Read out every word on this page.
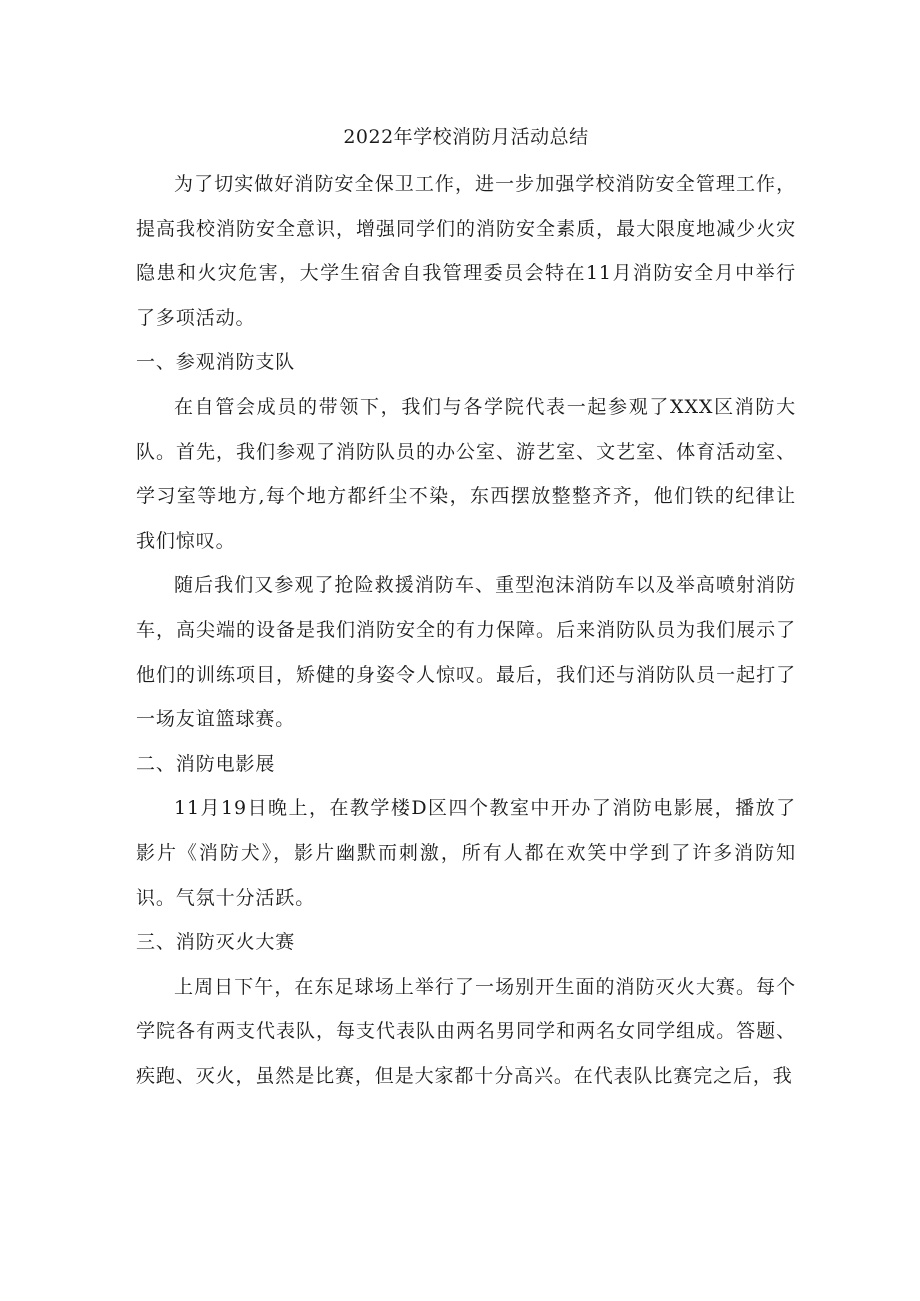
2022年学校消防月活动总结

为了切实做好消防安全保卫工作，进一步加强学校消防安全管理工作，提高我校消防安全意识，增强同学们的消防安全素质，最大限度地减少火灾隐患和火灾危害，大学生宿舍自我管理委员会特在11月消防安全月中举行了多项活动。

一、参观消防支队

在自管会成员的带领下，我们与各学院代表一起参观了XXX区消防大队。首先，我们参观了消防队员的办公室、游艺室、文艺室、体育活动室、学习室等地方,每个地方都纤尘不染，东西摆放整整齐齐，他们铁的纪律让我们惊叹。

随后我们又参观了抢险救援消防车、重型泡沫消防车以及举高喷射消防车，高尖端的设备是我们消防安全的有力保障。后来消防队员为我们展示了他们的训练项目，矫健的身姿令人惊叹。最后，我们还与消防队员一起打了一场友谊篮球赛。

二、消防电影展

11月19日晚上，在教学楼D区四个教室中开办了消防电影展，播放了影片《消防犬》，影片幽默而刺激，所有人都在欢笑中学到了许多消防知识。气氛十分活跃。

三、消防灭火大赛

上周日下午，在东足球场上举行了一场别开生面的消防灭火大赛。每个学院各有两支代表队，每支代表队由两名男同学和两名女同学组成。答题、疾跑、灭火，虽然是比赛，但是大家都十分高兴。在代表队比赛完之后，我
